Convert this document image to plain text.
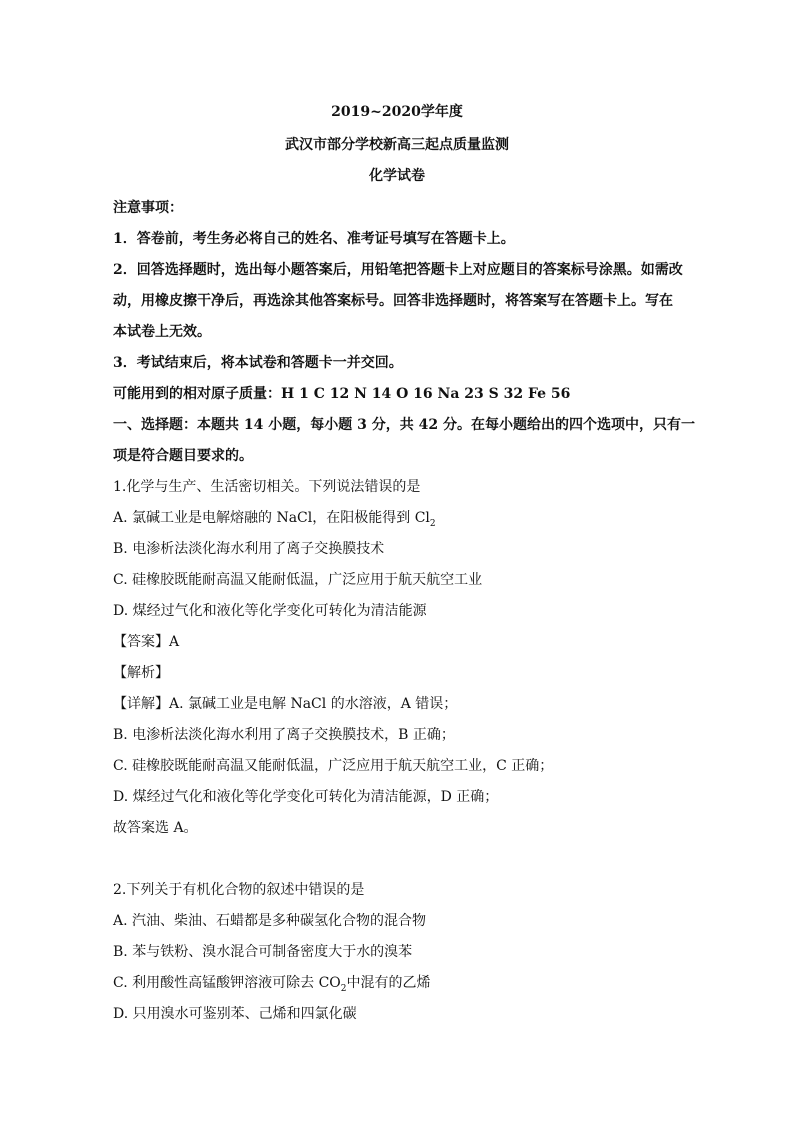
2019~2020学年度
武汉市部分学校新高三起点质量监测
化学试卷
注意事项：
1．答卷前，考生务必将自己的姓名、准考证号填写在答题卡上。
2．回答选择题时，选出每小题答案后，用铅笔把答题卡上对应题目的答案标号涂黑。如需改
动，用橡皮擦干净后，再选涂其他答案标号。回答非选择题时，将答案写在答题卡上。写在
本试卷上无效。
3．考试结束后，将本试卷和答题卡一并交回。
可能用到的相对原子质量：H 1 C 12 N 14 O 16 Na 23 S 32 Fe 56
一、选择题：本题共 14 小题，每小题 3 分，共 42 分。在每小题给出的四个选项中，只有一
项是符合题目要求的。
1.化学与生产、生活密切相关。下列说法错误的是
A. 氯碱工业是电解熔融的 NaCl，在阳极能得到 $Cl_2$
B. 电渗析法淡化海水利用了离子交换膜技术
C. 硅橡胶既能耐高温又能耐低温，广泛应用于航天航空工业
D. 煤经过气化和液化等化学变化可转化为清洁能源
【答案】A
【解析】
【详解】A. 氯碱工业是电解 NaCl 的水溶液，A 错误；
B. 电渗析法淡化海水利用了离子交换膜技术，B 正确；
C. 硅橡胶既能耐高温又能耐低温，广泛应用于航天航空工业，C 正确；
D. 煤经过气化和液化等化学变化可转化为清洁能源，D 正确；
故答案选 A。
2.下列关于有机化合物的叙述中错误的是
A. 汽油、柴油、石蜡都是多种碳氢化合物的混合物
B. 苯与铁粉、溴水混合可制备密度大于水的溴苯
C. 利用酸性高锰酸钾溶液可除去 $CO_2$中混有的乙烯
D. 只用溴水可鉴别苯、己烯和四氯化碳
